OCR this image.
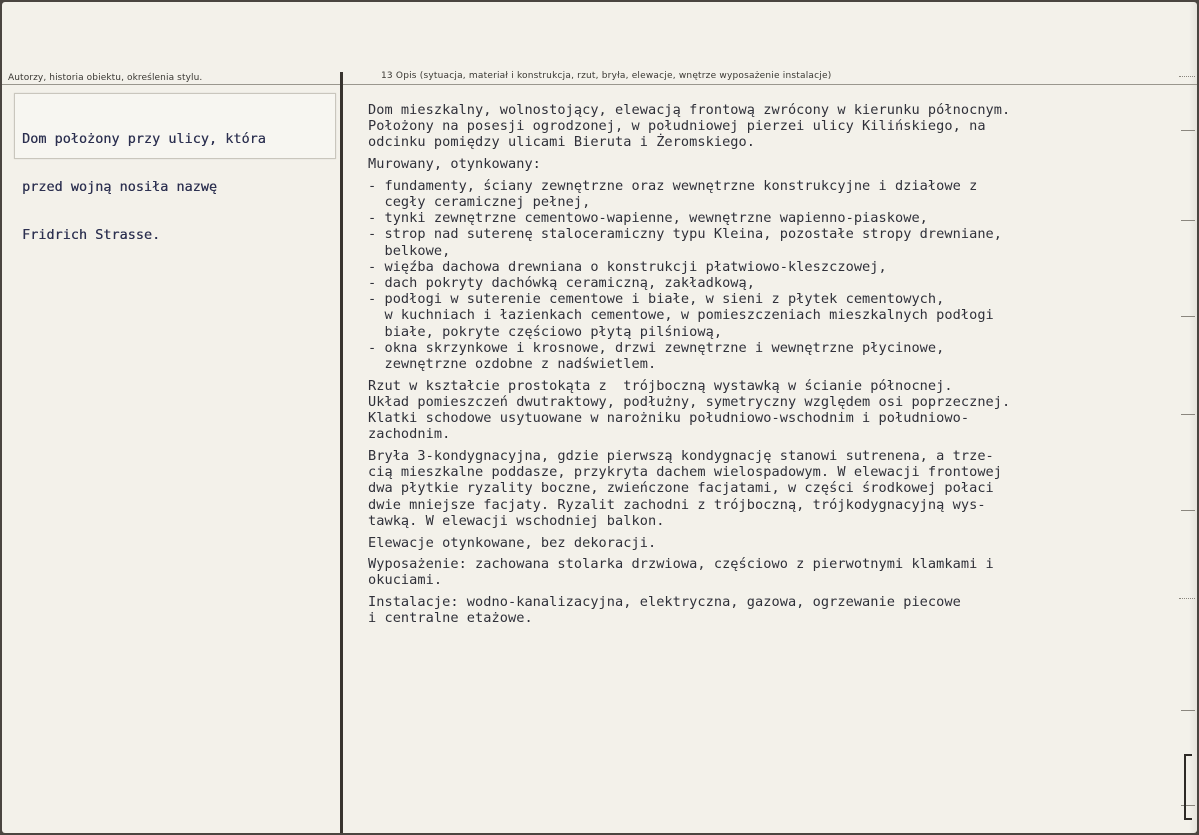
Autorzy, historia obiektu, określenia stylu.	13 Opis (sytuacja, materiał i konstrukcja, rzut, bryła, elewacje, wnętrze wyposażenie instalacje)

Dom położony przy ulicy, która

przed wojną nosiła nazwę

Fridrich Strasse.

Dom mieszkalny, wolnostojący, elewacją frontową zwrócony w kierunku północnym.
Położony na posesji ogrodzonej, w południowej pierzei ulicy Kilińskiego, na
odcinku pomiędzy ulicami Bieruta i Żeromskiego.
Murowany, otynkowany:
- fundamenty, ściany zewnętrzne oraz wewnętrzne konstrukcyjne i działowe z
cegły ceramicznej pełnej,
- tynki zewnętrzne cementowo-wapienne, wewnętrzne wapienno-piaskowe,
- strop nad suterenę staloceramiczny typu Kleina, pozostałe stropy drewniane,
belkowe,
- więźba dachowa drewniana o konstrukcji płatwiowo-kleszczowej,
- dach pokryty dachówką ceramiczną, zakładkową,
- podłogi w suterenie cementowe i białe, w sieni z płytek cementowych,
w kuchniach i łazienkach cementowe, w pomieszczeniach mieszkalnych podłogi
białe, pokryte częściowo płytą pilśniową,
- okna skrzynkowe i krosnowe, drzwi zewnętrzne i wewnętrzne płycinowe,
zewnętrzne ozdobne z nadświetlem.
Rzut w kształcie prostokąta z  trójboczną wystawką w ścianie północnej.
Układ pomieszczeń dwutraktowy, podłużny, symetryczny względem osi poprzecznej.
Klatki schodowe usytuowane w narożniku południowo-wschodnim i południowo-
zachodnim.
Bryła 3-kondygnacyjna, gdzie pierwszą kondygnację stanowi sutrenena, a trze-
cią mieszkalne poddasze, przykryta dachem wielospadowym. W elewacji frontowej
dwa płytkie ryzality boczne, zwieńczone facjatami, w części środkowej połaci
dwie mniejsze facjaty. Ryzalit zachodni z trójboczną, trójkodygnacyjną wys-
tawką. W elewacji wschodniej balkon.
Elewacje otynkowane, bez dekoracji.
Wyposażenie: zachowana stolarka drzwiowa, częściowo z pierwotnymi klamkami i
okuciami.
Instalacje: wodno-kanalizacyjna, elektryczna, gazowa, ogrzewanie piecowe
i centralne etażowe.
